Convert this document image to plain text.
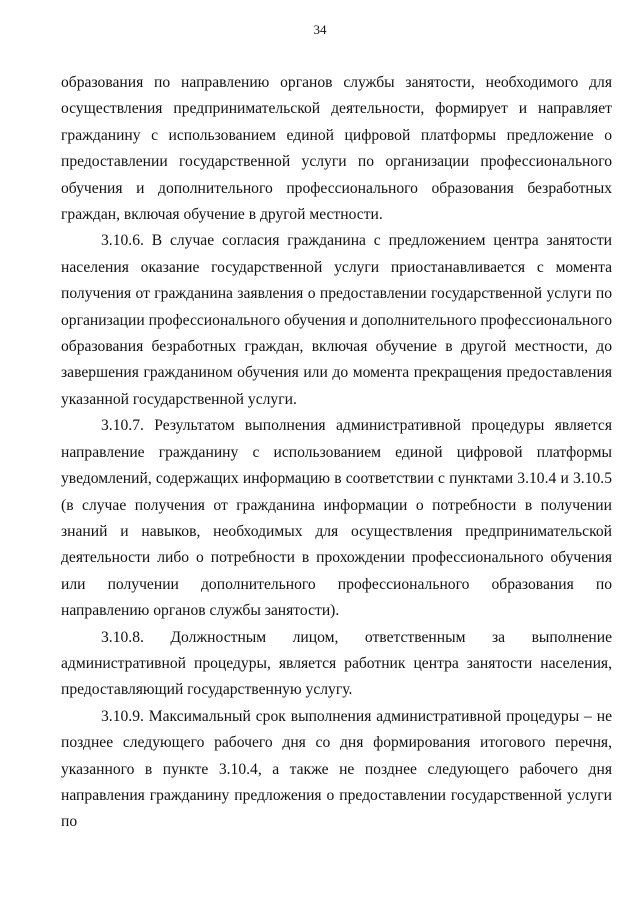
34

образования по направлению органов службы занятости, необходимого для осуществления предпринимательской деятельности, формирует и направляет гражданину с использованием единой цифровой платформы предложение о предоставлении государственной услуги по организации профессионального обучения и дополнительного профессионального образования безработных граждан, включая обучение в другой местности.

3.10.6. В случае согласия гражданина с предложением центра занятости населения оказание государственной услуги приостанавливается с момента получения от гражданина заявления о предоставлении государственной услуги по организации профессионального обучения и дополнительного профессионального образования безработных граждан, включая обучение в другой местности, до завершения гражданином обучения или до момента прекращения предоставления указанной государственной услуги.

3.10.7. Результатом выполнения административной процедуры является направление гражданину с использованием единой цифровой платформы уведомлений, содержащих информацию в соответствии с пунктами 3.10.4 и 3.10.5 (в случае получения от гражданина информации о потребности в получении знаний и навыков, необходимых для осуществления предпринимательской деятельности либо о потребности в прохождении профессионального обучения или получении дополнительного профессионального образования по направлению органов службы занятости).

3.10.8. Должностным лицом, ответственным за выполнение административной процедуры, является работник центра занятости населения, предоставляющий государственную услугу.

3.10.9. Максимальный срок выполнения административной процедуры – не позднее следующего рабочего дня со дня формирования итогового перечня, указанного в пункте 3.10.4, а также не позднее следующего рабочего дня направления гражданину предложения о предоставлении государственной услуги по
